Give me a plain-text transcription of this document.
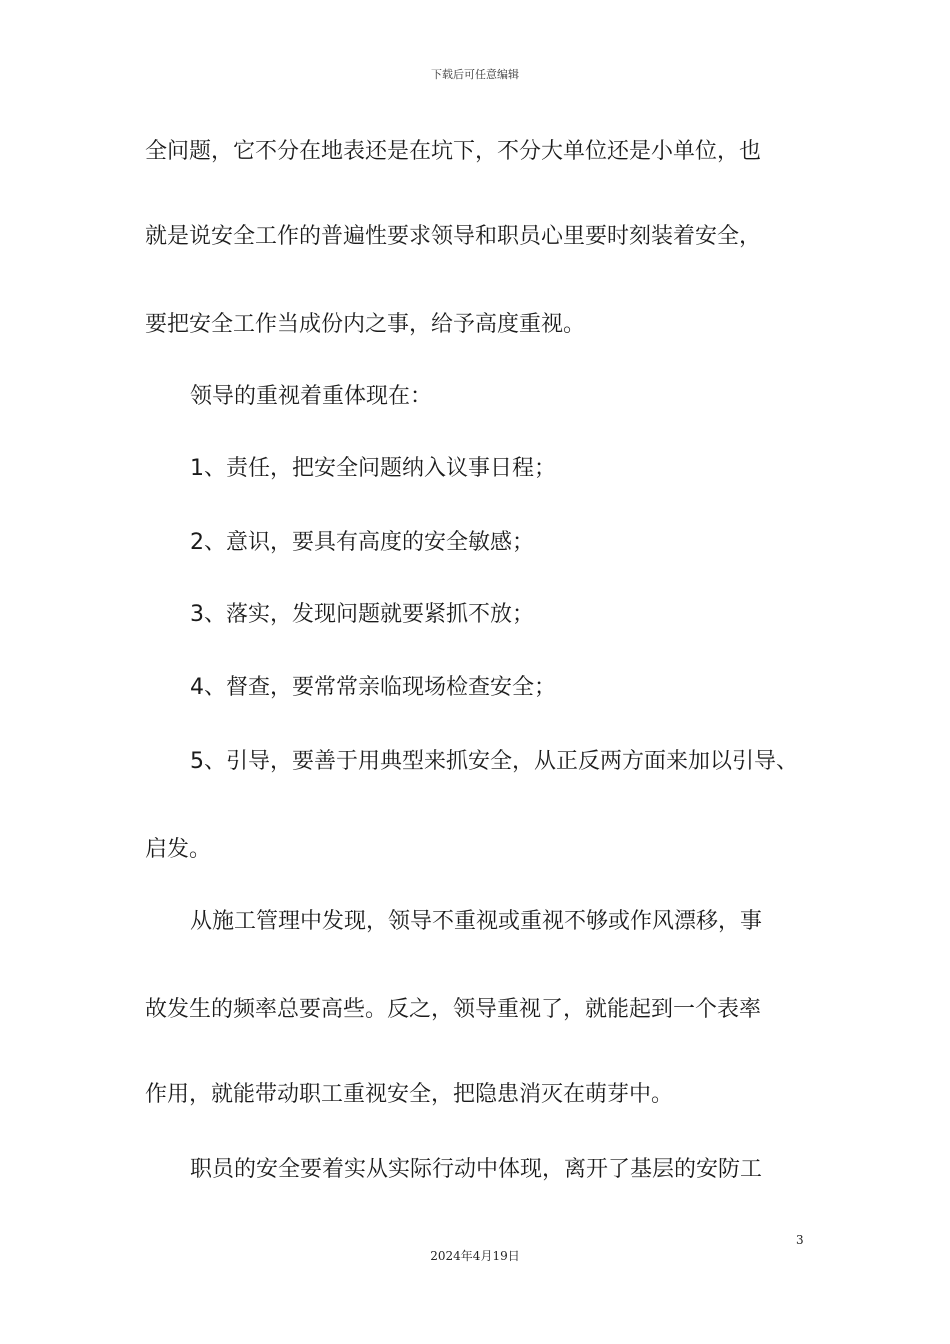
下载后可任意编辑
全问题，它不分在地表还是在坑下，不分大单位还是小单位，也
就是说安全工作的普遍性要求领导和职员心里要时刻装着安全，
要把安全工作当成份内之事，给予高度重视。
领导的重视着重体现在：
1、责任，把安全问题纳入议事日程；
2、意识，要具有高度的安全敏感；
3、落实，发现问题就要紧抓不放；
4、督查，要常常亲临现场检查安全；
5、引导，要善于用典型来抓安全，从正反两方面来加以引导、
启发。
从施工管理中发现，领导不重视或重视不够或作风漂移，事
故发生的频率总要高些。反之，领导重视了，就能起到一个表率
作用，就能带动职工重视安全，把隐患消灭在萌芽中。
职员的安全要着实从实际行动中体现，离开了基层的安防工
3
2024年4月19日
